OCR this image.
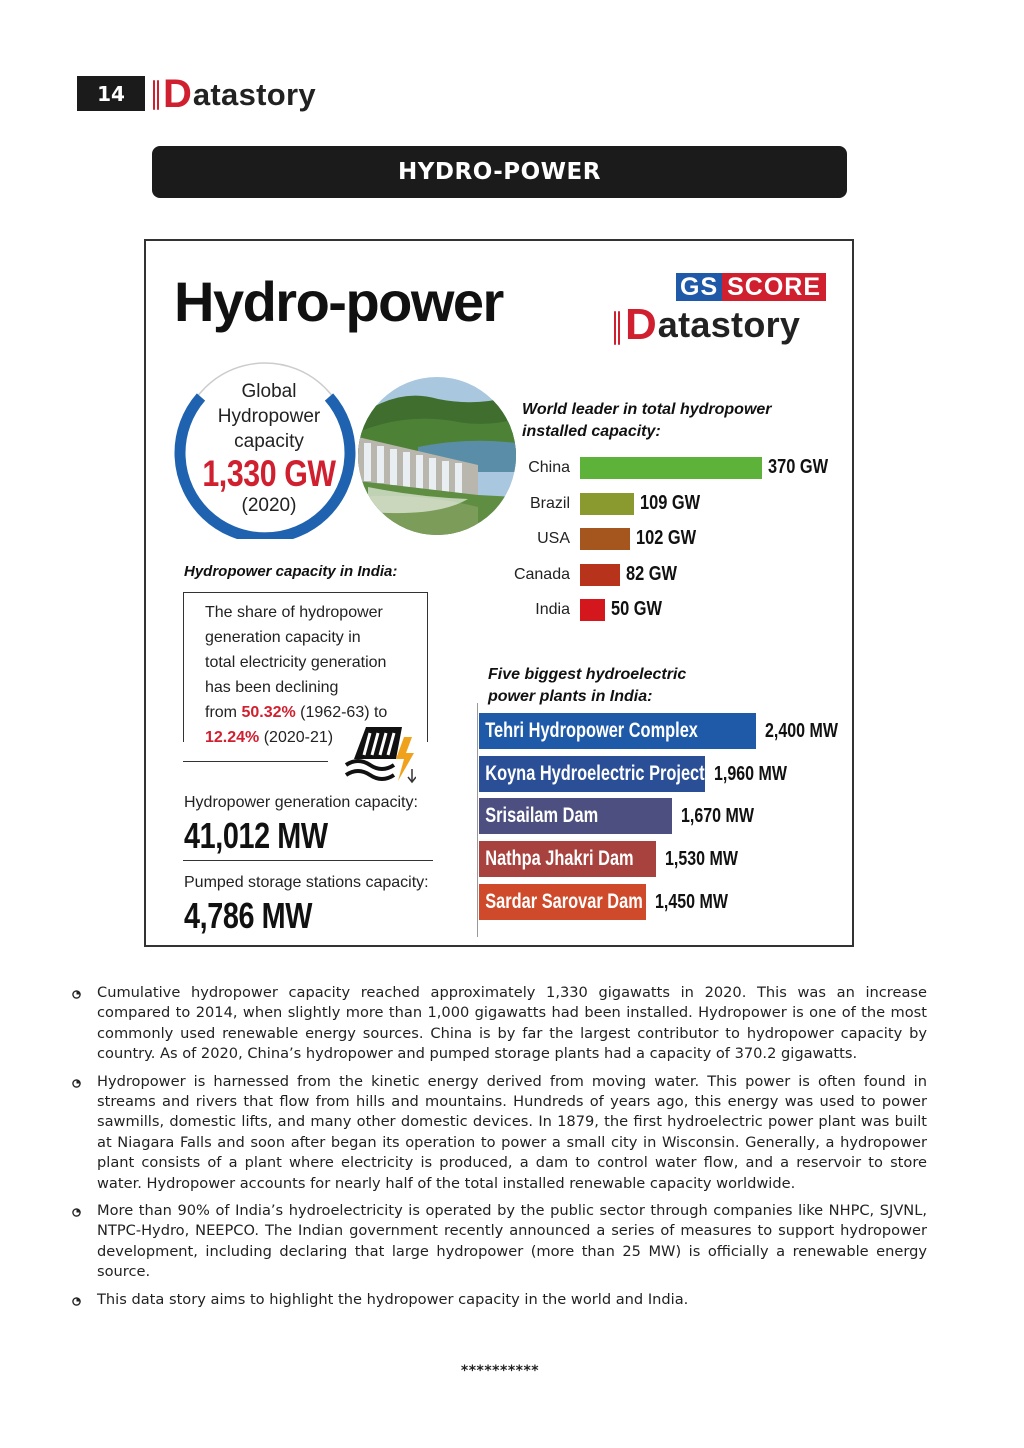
14 D atastory
HYDRO-POWER
Hydro-power	GS SCORE
D atastory
Global
Hydropower
capacity
1,330 GW
(2020)
World leader in total hydropower
installed capacity:
China	370 GW
Brazil	109 GW
USA	102 GW
Canada	82 GW
India 50 GW
Hydropower capacity in India:
The share of hydropower
generation capacity in
total electricity generation
has been declining
from 50.32% (1962-63) to
12.24% (2020-21)
Hydropower generation capacity:
41,012 MW
Pumped storage stations capacity:
4,786 MW
Five biggest hydroelectric
power plants in India:
Tehri Hydropower Complex	2,400 MW
Koyna Hydroelectric Project 1,960 MW
Srisailam Dam	1,670 MW
Nathpa Jhakri Dam	1,530 MW
Sardar Sarovar Dam 1,450 MW
Cumulative hydropower capacity reached approximately 1,330 gigawatts in 2020. This was an increase compared to 2014, when slightly more than 1,000 gigawatts had been installed. Hydropower is one of the most commonly used renewable energy sources. China is by far the largest contributor to hydropower capacity by country. As of 2020, China’s hydropower and pumped storage plants had a capacity of 370.2 gigawatts.
Hydropower is harnessed from the kinetic energy derived from moving water. This power is often found in streams and rivers that flow from hills and mountains. Hundreds of years ago, this energy was used to power sawmills, domestic lifts, and many other domestic devices. In 1879, the first hydroelectric power plant was built at Niagara Falls and soon after began its operation to power a small city in Wisconsin. Generally, a hydropower plant consists of a plant where electricity is produced, a dam to control water flow, and a reservoir to store water. Hydropower accounts for nearly half of the total installed renewable capacity worldwide.
More than 90% of India’s hydroelectricity is operated by the public sector through companies like NHPC, SJVNL, NTPC-Hydro, NEEPCO. The Indian government recently announced a series of measures to support hydropower development, including declaring that large hydropower (more than 25 MW) is officially a renewable energy source.
This data story aims to highlight the hydropower capacity in the world and India.
**********
